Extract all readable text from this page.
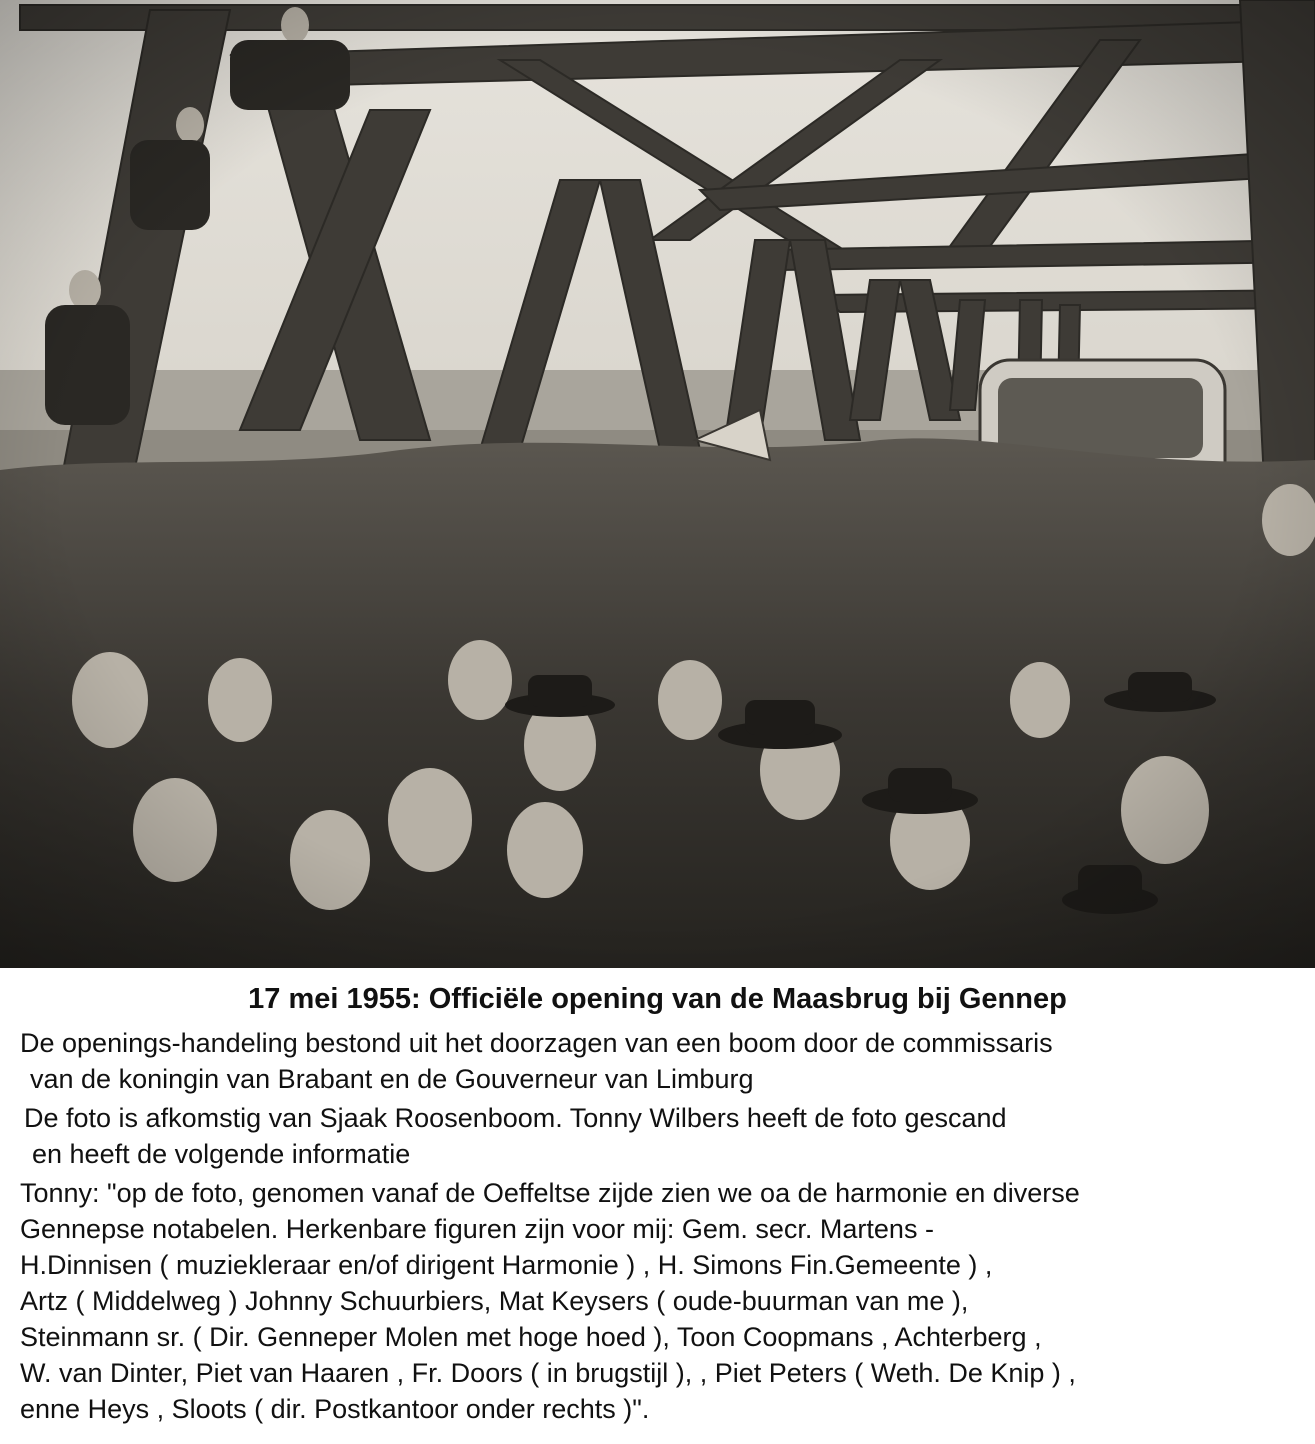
17 mei 1955: Officiële opening van de Maasbrug bij Gennep
De openings-handeling bestond uit het doorzagen van een boom door de commissaris
van de koningin van Brabant en de Gouverneur van Limburg
De foto is afkomstig van Sjaak Roosenboom. Tonny Wilbers heeft de foto gescand
en heeft de volgende informatie
Tonny: "op de foto, genomen vanaf de Oeffeltse zijde zien we oa de harmonie en diverse
Gennepse notabelen. Herkenbare figuren zijn voor mij: Gem. secr. Martens -
H.Dinnisen ( muziekleraar en/of dirigent Harmonie ) , H. Simons Fin.Gemeente ) ,
Artz ( Middelweg ) Johnny Schuurbiers, Mat Keysers ( oude-buurman van me ),
Steinmann sr. ( Dir. Genneper Molen met hoge hoed ), Toon Coopmans , Achterberg ,
W. van Dinter, Piet van Haaren , Fr. Doors ( in brugstijl ), , Piet Peters ( Weth. De Knip ) ,
enne Heys , Sloots ( dir. Postkantoor onder rechts )".
